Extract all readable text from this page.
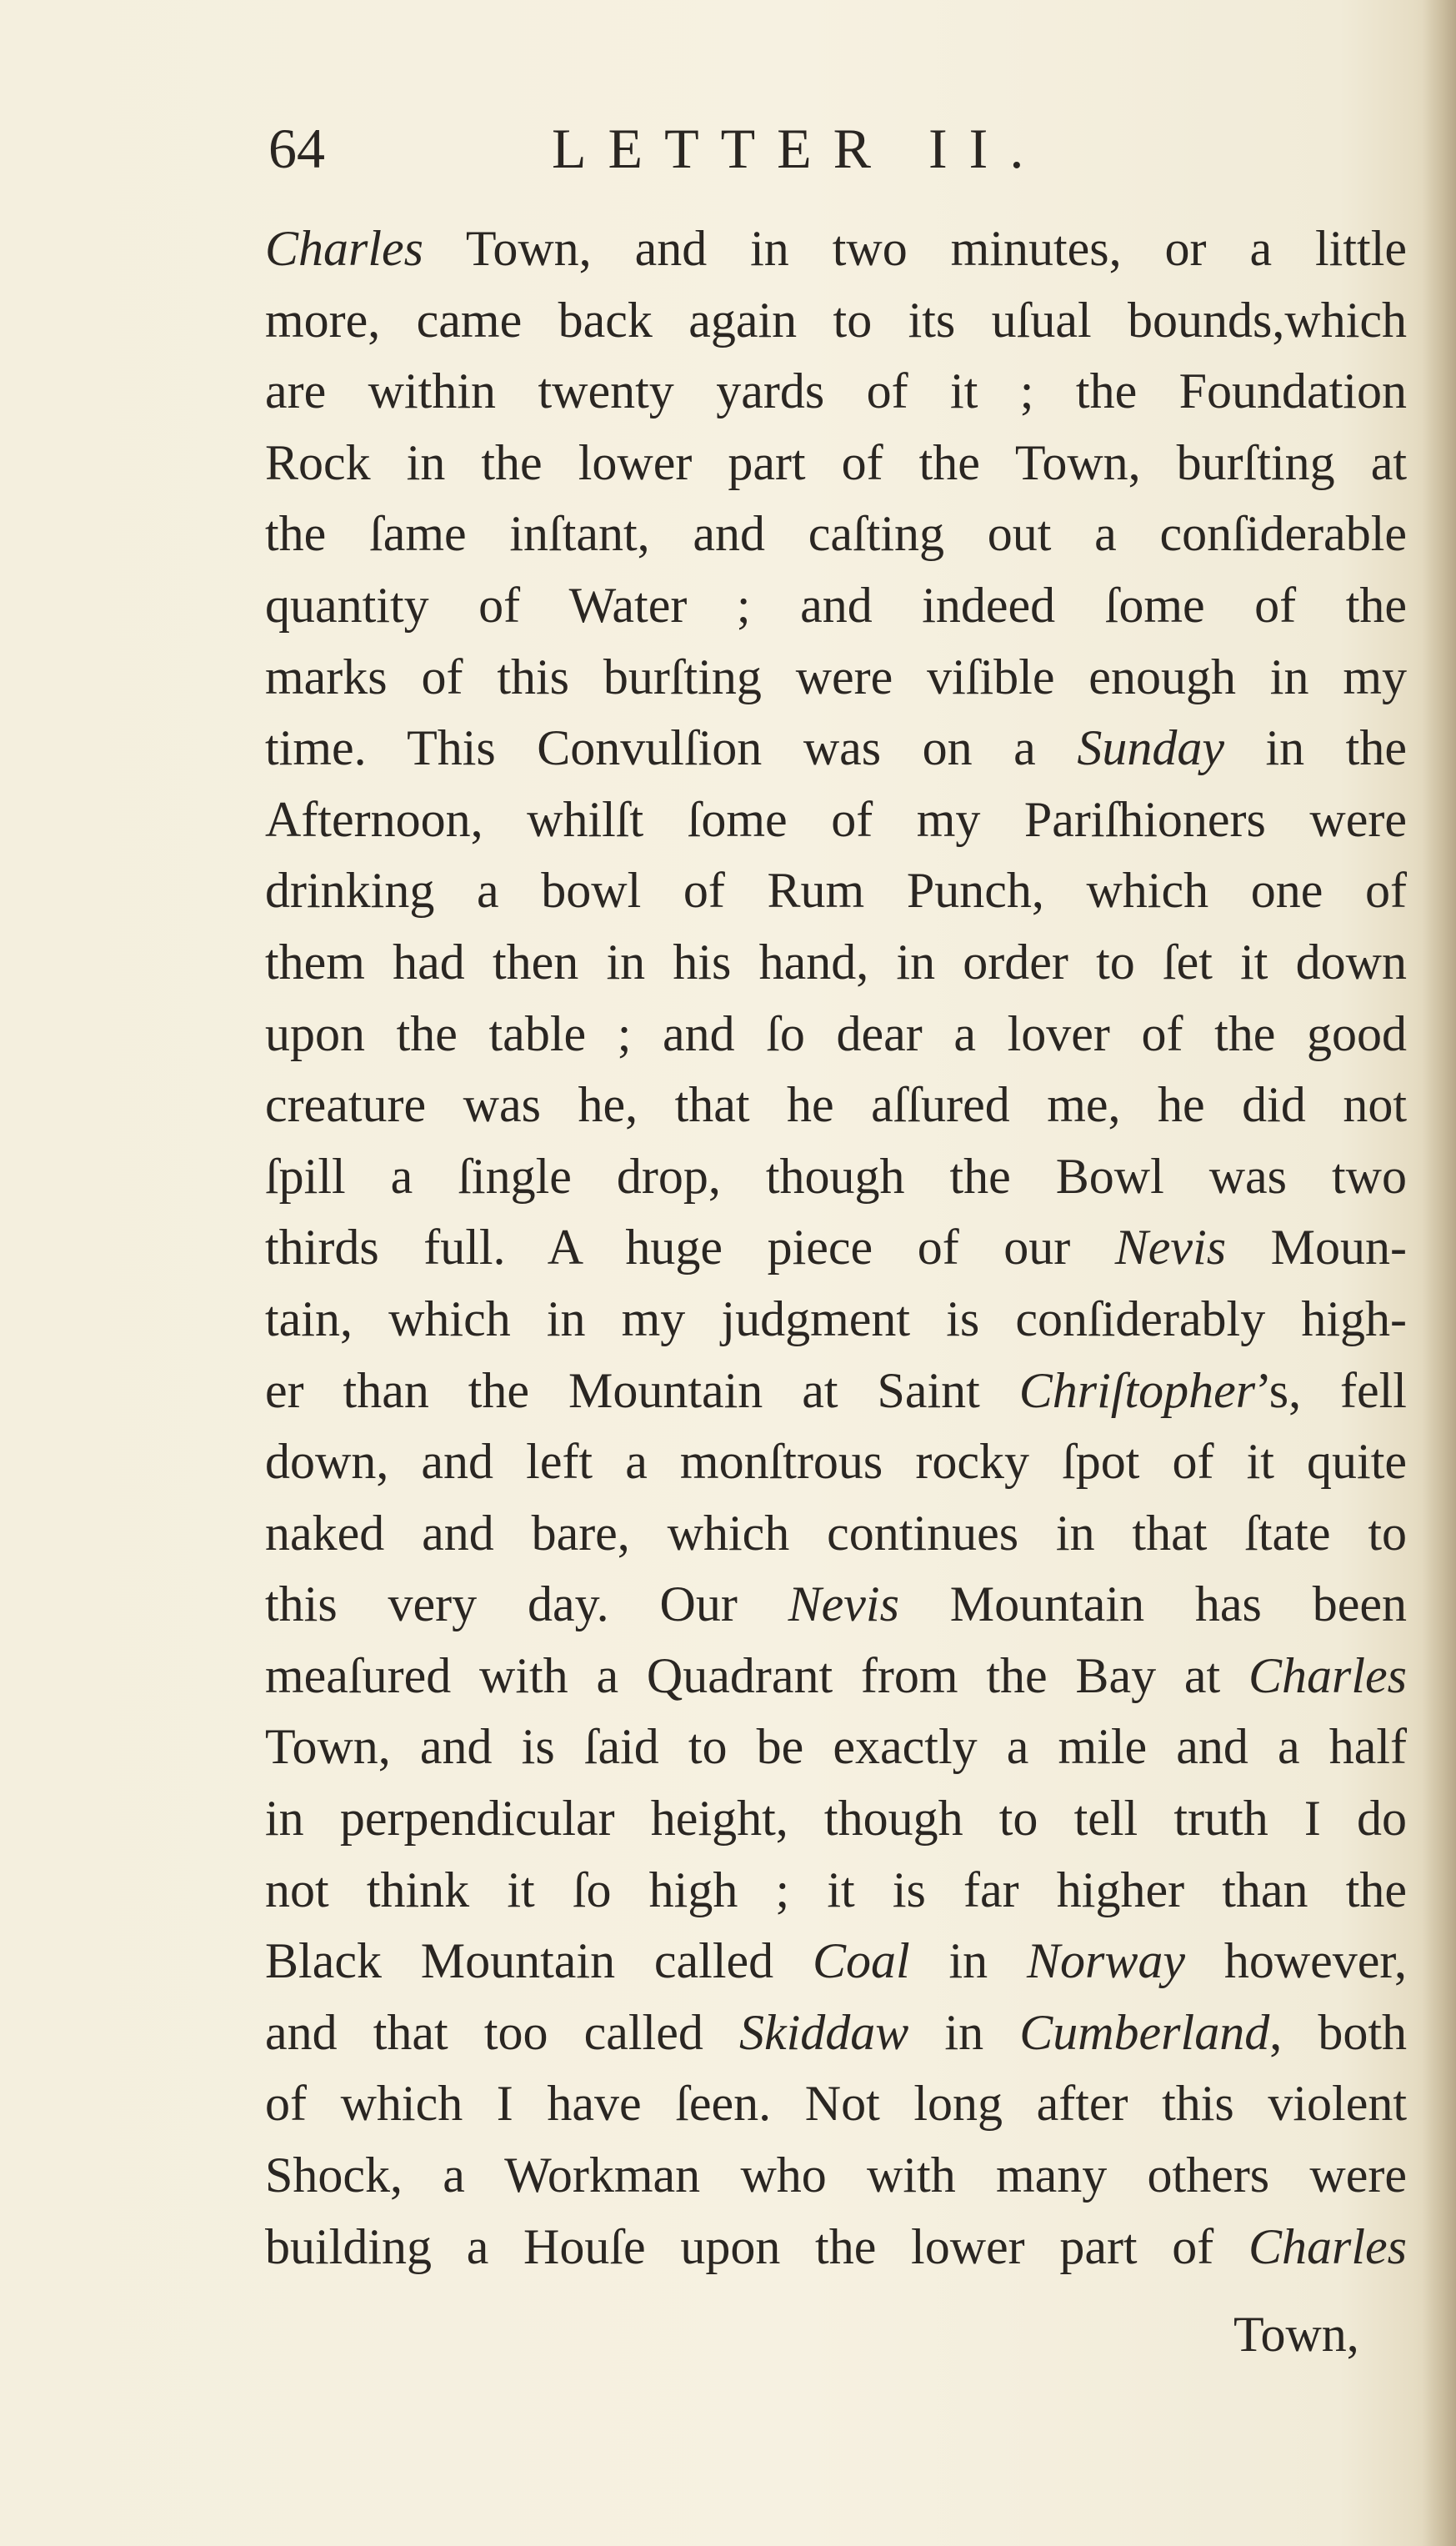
64	LETTER II.
Charles Town, and in two minutes, or a little
more, came back again to its uſual bounds,which
are within twenty yards of it ; the Foundation
Rock in the lower part of the Town, burſting at
the ſame inſtant, and caſting out a conſiderable
quantity of Water ; and indeed ſome of the
marks of this burſting were viſible enough in my
time. This Convulſion was on a Sunday in the
Afternoon, whilſt ſome of my Pariſhioners were
drinking a bowl of Rum Punch, which one of
them had then in his hand, in order to ſet it down
upon the table ; and ſo dear a lover of the good
creature was he, that he aſſured me, he did not
ſpill a ſingle drop, though the Bowl was two
thirds full. A huge piece of our Nevis Moun-
tain, which in my judgment is conſiderably high-
er than the Mountain at Saint Chriſtopher’s, fell
down, and left a monſtrous rocky ſpot of it quite
naked and bare, which continues in that ſtate to
this very day. Our Nevis Mountain has been
meaſured with a Quadrant from the Bay at Charles
Town, and is ſaid to be exactly a mile and a half
in perpendicular height, though to tell truth I do
not think it ſo high ; it is far higher than the
Black Mountain called Coal in Norway however,
and that too called Skiddaw in Cumberland, both
of which I have ſeen. Not long after this violent
Shock, a Workman who with many others were
building a Houſe upon the lower part of Charles
Town,
